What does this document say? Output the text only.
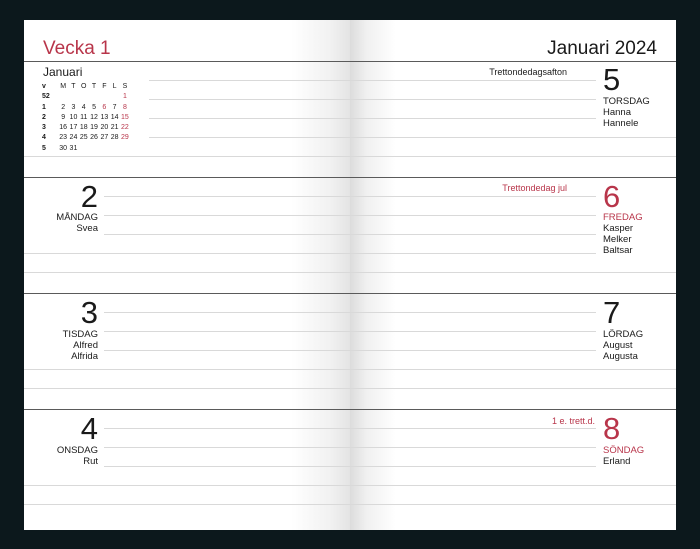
Vecka 1
Januari
v	M	T	O	T	F	L	S
52							1
1	2	3	4	5	6	7	8
2	9	10	11	12	13	14	15
3	16	17	18	19	20	21	22
4	23	24	25	26	27	28	29
5	30	31					
2
MÅNDAG
Svea
3
TISDAG
Alfred
Alfrida
4
ONSDAG
Rut
Januari 2024
Trettondedagsafton 5
TORSDAG
Hanna
Hannele
Trettondedag jul 6
FREDAG
Kasper
Melker
Baltsar
7
LÖRDAG
August
Augusta
1 e. trett.d. 8
SÖNDAG
Erland
